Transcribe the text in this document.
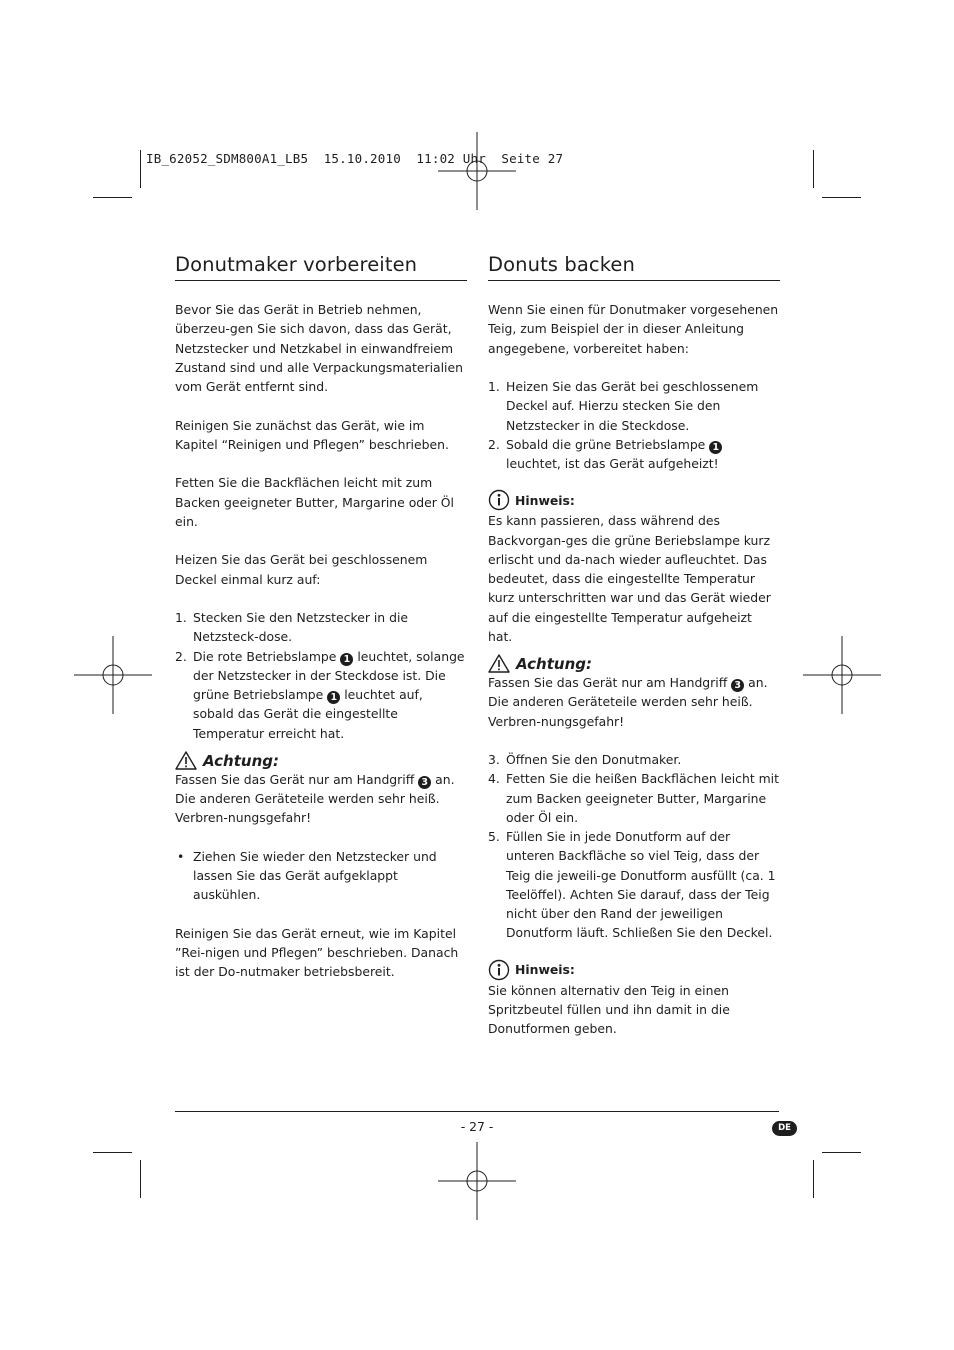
IB_62052_SDM800A1_LB5  15.10.2010  11:02 Uhr  Seite 27
Donutmaker vorbereiten

Bevor Sie das Gerät in Betrieb nehmen, überzeu-gen Sie sich davon, dass das Gerät, Netzstecker und Netzkabel in einwandfreiem Zustand sind und alle Verpackungsmaterialien vom Gerät entfernt sind.

Reinigen Sie zunächst das Gerät, wie im Kapitel “Reinigen und Pflegen” beschrieben.

Fetten Sie die Backflächen leicht mit zum Backen geeigneter Butter, Margarine oder Öl ein.

Heizen Sie das Gerät bei geschlossenem Deckel einmal kurz auf:

1. Stecken Sie den Netzstecker in die Netzsteck-dose.
2. Die rote Betriebslampe 1 leuchtet, solange der Netzstecker in der Steckdose ist. Die grüne Betriebslampe 1 leuchtet auf, sobald das Gerät die eingestellte Temperatur erreicht hat.
Achtung:

Fassen Sie das Gerät nur am Handgriff 3 an. Die anderen Geräteteile werden sehr heiß. Verbren-nungsgefahr!

• Ziehen Sie wieder den Netzstecker und lassen Sie das Gerät aufgeklappt auskühlen.

Reinigen Sie das Gerät erneut, wie im Kapitel ”Rei-nigen und Pflegen” beschrieben. Danach ist der Do-nutmaker betriebsbereit.

Donuts backen

Wenn Sie einen für Donutmaker vorgesehenen Teig, zum Beispiel der in dieser Anleitung angegebene, vorbereitet haben:

1. Heizen Sie das Gerät bei geschlossenem Deckel auf. Hierzu stecken Sie den Netzstecker in die Steckdose.
2. Sobald die grüne Betriebslampe 1 leuchtet, ist das Gerät aufgeheizt!
Hinweis:

Es kann passieren, dass während des Backvorgan-ges die grüne Beriebslampe kurz erlischt und da-nach wieder aufleuchtet. Das bedeutet, dass die eingestellte Temperatur kurz unterschritten war und das Gerät wieder auf die eingestellte Temperatur aufgeheizt hat.

Achtung:

Fassen Sie das Gerät nur am Handgriff 3 an. Die anderen Geräteteile werden sehr heiß. Verbren-nungsgefahr!

3. Öffnen Sie den Donutmaker.
4. Fetten Sie die heißen Backflächen leicht mit zum Backen geeigneter Butter, Margarine oder Öl ein.
5. Füllen Sie in jede Donutform auf der unteren Backfläche so viel Teig, dass der Teig die jeweili-ge Donutform ausfüllt (ca. 1 Teelöffel). Achten Sie darauf, dass der Teig nicht über den Rand der jeweiligen Donutform läuft. Schließen Sie den Deckel.
Hinweis:

Sie können alternativ den Teig in einen Spritzbeutel füllen und ihn damit in die Donutformen geben.

- 27 -	DE
